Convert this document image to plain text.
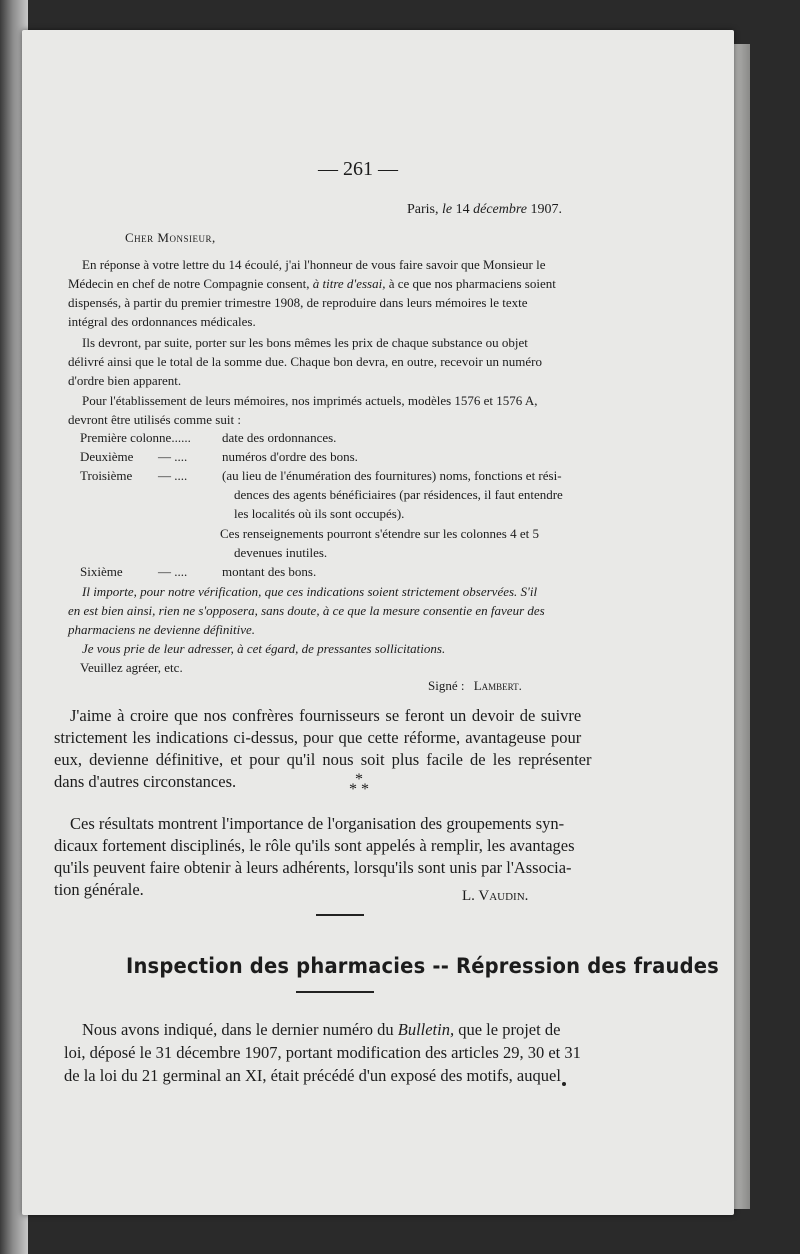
— 261 —
Paris, le 14 décembre 1907.
Cher Monsieur,
En réponse à votre lettre du 14 écoulé, j'ai l'honneur de vous faire savoir que Monsieur le
Médecin en chef de notre Compagnie consent, à titre d'essai, à ce que nos pharmaciens soient
dispensés, à partir du premier trimestre 1908, de reproduire dans leurs mémoires le texte
intégral des ordonnances médicales.
Ils devront, par suite, porter sur les bons mêmes les prix de chaque substance ou objet
délivré ainsi que le total de la somme due. Chaque bon devra, en outre, recevoir un numéro
d'ordre bien apparent.
Pour l'établissement de leurs mémoires, nos imprimés actuels, modèles 1576 et 1576 A,
devront être utilisés comme suit :
Première colonne...... date des ordonnances.
Deuxième — ....	numéros d'ordre des bons.
Troisième — ....	(au lieu de l'énumération des fournitures) noms, fonctions et rési-
dences des agents bénéficiaires (par résidences, il faut entendre
les localités où ils sont occupés).
Ces renseignements pourront s'étendre sur les colonnes 4 et 5
devenues inutiles.
Sixième	— ....	montant des bons.
Il importe, pour notre vérification, que ces indications soient strictement observées. S'il
en est bien ainsi, rien ne s'opposera, sans doute, à ce que la mesure consentie en faveur des
pharmaciens ne devienne définitive.
Je vous prie de leur adresser, à cet égard, de pressantes sollicitations.
Veuillez agréer, etc.
Signé : Lambert.
J'aime à croire que nos confrères fournisseurs se feront un devoir de suivre
strictement les indications ci-dessus, pour que cette réforme, avantageuse pour
eux, devienne définitive, et pour qu'il nous soit plus facile de les représenter
dans d'autres circonstances.	*
* *
Ces résultats montrent l'importance de l'organisation des groupements syn-
dicaux fortement disciplinés, le rôle qu'ils sont appelés à remplir, les avantages
qu'ils peuvent faire obtenir à leurs adhérents, lorsqu'ils sont unis par l'Associa-
tion générale.	L. Vaudin.
Inspection des pharmacies -- Répression des fraudes
Nous avons indiqué, dans le dernier numéro du Bulletin, que le projet de
loi, déposé le 31 décembre 1907, portant modification des articles 29, 30 et 31
de la loi du 21 germinal an XI, était précédé d'un exposé des motifs, auquel
